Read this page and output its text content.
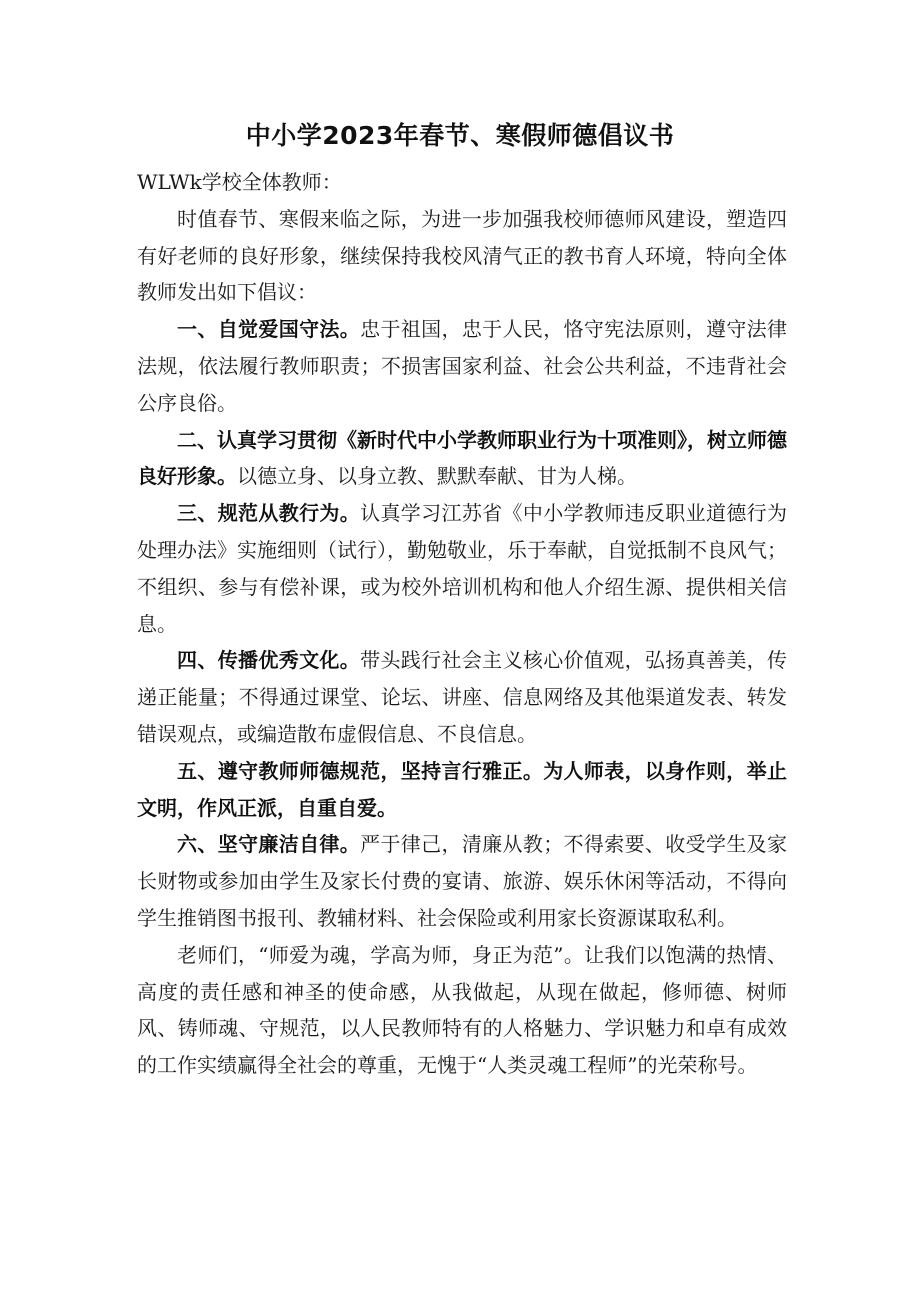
中小学2023年春节、寒假师德倡议书

WLWk学校全体教师：

时值春节、寒假来临之际，为进一步加强我校师德师风建设，塑造四有好老师的良好形象，继续保持我校风清气正的教书育人环境，特向全体教师发出如下倡议：

一、自觉爱国守法。忠于祖国，忠于人民，恪守宪法原则，遵守法律法规，依法履行教师职责；不损害国家利益、社会公共利益，不违背社会公序良俗。

二、认真学习贯彻《新时代中小学教师职业行为十项准则》，树立师德良好形象。以德立身、以身立教、默默奉献、甘为人梯。

三、规范从教行为。认真学习江苏省《中小学教师违反职业道德行为处理办法》实施细则（试行），勤勉敬业，乐于奉献，自觉抵制不良风气；不组织、参与有偿补课，或为校外培训机构和他人介绍生源、提供相关信息。

四、传播优秀文化。带头践行社会主义核心价值观，弘扬真善美，传递正能量；不得通过课堂、论坛、讲座、信息网络及其他渠道发表、转发错误观点，或编造散布虚假信息、不良信息。

五、遵守教师师德规范，坚持言行雅正。为人师表，以身作则，举止文明，作风正派，自重自爱。

六、坚守廉洁自律。严于律己，清廉从教；不得索要、收受学生及家长财物或参加由学生及家长付费的宴请、旅游、娱乐休闲等活动，不得向学生推销图书报刊、教辅材料、社会保险或利用家长资源谋取私利。

老师们，“师爱为魂，学高为师，身正为范”。让我们以饱满的热情、高度的责任感和神圣的使命感，从我做起，从现在做起，修师德、树师风、铸师魂、守规范，以人民教师特有的人格魅力、学识魅力和卓有成效的工作实绩赢得全社会的尊重，无愧于“人类灵魂工程师”的光荣称号。
